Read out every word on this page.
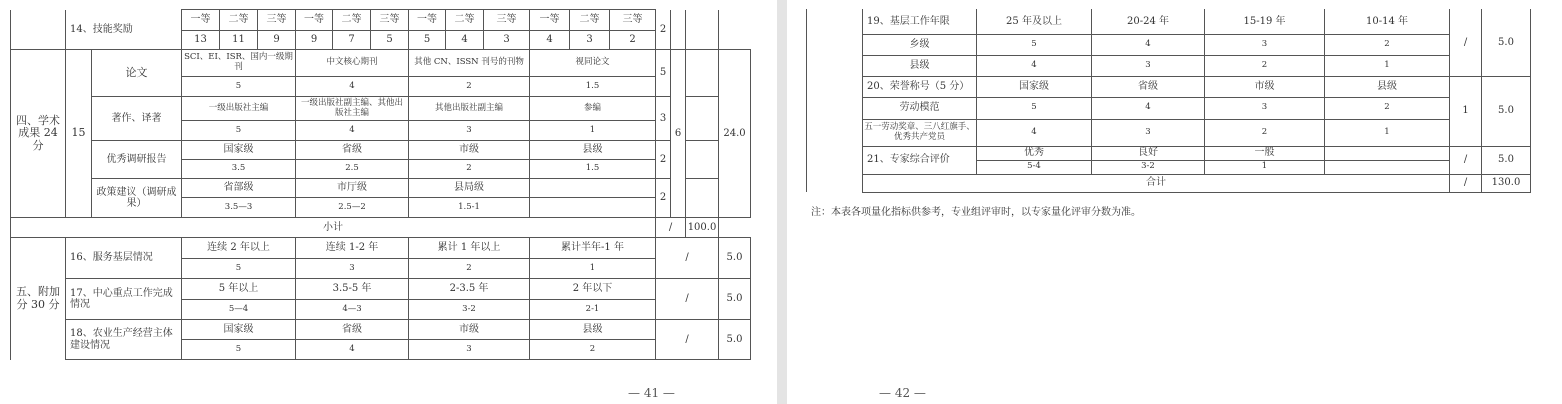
	14、技能奖励		一等	二等	三等	一等	二等	三等	一等	二等	三等	一等	二等	三等	2			
			13	11	9	9	7	5	5	4	3	4	3	2				
四、学术成果 24 分	15	论文	SCI、EI、ISR、国内一级期刊			中文核心期刊			其他 CN、ISSN 刊号的刊物			视同论文			5	6		24.0
			5			4			2			1.5						
		著作、译著	一级出版社主编			一级出版社副主编、其他出版社主编			其他出版社副主编			参编			3			
			5			4			3			1						
		优秀调研报告	国家级			省级			市级			县级			2			
			3.5			2.5			2			1.5						
		政策建议（调研成果）	省部级			市厅级			县局级						2			
			3.5—3			2.5—2			1.5-1									
小计															/		100.0	
五、附加分 30 分	16、服务基层情况		连续 2 年以上			连续 1-2 年			累计 1 年以上			累计半年-1 年			/			5.0
			5			3			2			1						
	17、中心重点工作完成情况		5 年以上			3.5-5 年			2-3.5 年			2 年以下			/			5.0
			5—4			4—3			3-2			2-1						
	18、农业生产经营主体建设情况		国家级			省级			市级			县级			/			5.0
			5			4			3			2						
— 41 —
	19、基层工作年限	25 年及以上	20-24 年	15-19 年	10-14 年	/	5.0
	乡级	5	4	3	2		
	县级	4	3	2	1		
	20、荣誉称号（5 分）	国家级	省级	市级	县级	1	5.0
	劳动模范	5	4	3	2		
	五一劳动奖章、三八红旗手、优秀共产党员	4	3	2	1		
	21、专家综合评价	优秀	良好	一般		/	5.0
		5-4	3-2	1			
	合计					/	130.0
注：本表各项量化指标供参考，专业组评审时，以专家量化评审分数为准。
— 42 —
